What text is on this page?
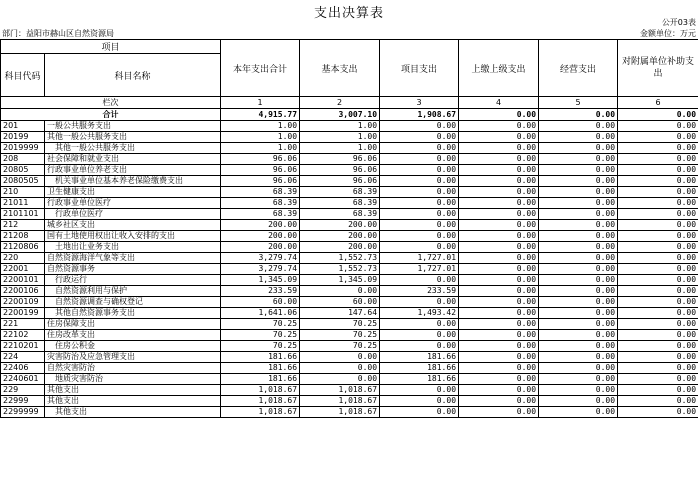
支出决算表
公开03表
部门：益阳市赫山区自然资源局	金额单位：万元
项目		本年支出合计	基本支出	项目支出	上缴上级支出	经营支出	对附属单位补助支出
科目代码	科目名称						
栏次		1	2	3	4	5	6
合计		4,915.77	3,007.10	1,908.67	0.00	0.00	0.00
201	一般公共服务支出	1.00	1.00	0.00	0.00	0.00	0.00
20199	其他一般公共服务支出	1.00	1.00	0.00	0.00	0.00	0.00
2019999	其他一般公共服务支出	1.00	1.00	0.00	0.00	0.00	0.00
208	社会保障和就业支出	96.06	96.06	0.00	0.00	0.00	0.00
20805	行政事业单位养老支出	96.06	96.06	0.00	0.00	0.00	0.00
2080505	机关事业单位基本养老保险缴费支出	96.06	96.06	0.00	0.00	0.00	0.00
210	卫生健康支出	68.39	68.39	0.00	0.00	0.00	0.00
21011	行政事业单位医疗	68.39	68.39	0.00	0.00	0.00	0.00
2101101	行政单位医疗	68.39	68.39	0.00	0.00	0.00	0.00
212	城乡社区支出	200.00	200.00	0.00	0.00	0.00	0.00
21208	国有土地使用权出让收入安排的支出	200.00	200.00	0.00	0.00	0.00	0.00
2120806	土地出让业务支出	200.00	200.00	0.00	0.00	0.00	0.00
220	自然资源海洋气象等支出	3,279.74	1,552.73	1,727.01	0.00	0.00	0.00
22001	自然资源事务	3,279.74	1,552.73	1,727.01	0.00	0.00	0.00
2200101	行政运行	1,345.09	1,345.09	0.00	0.00	0.00	0.00
2200106	自然资源利用与保护	233.59	0.00	233.59	0.00	0.00	0.00
2200109	自然资源调查与确权登记	60.00	60.00	0.00	0.00	0.00	0.00
2200199	其他自然资源事务支出	1,641.06	147.64	1,493.42	0.00	0.00	0.00
221	住房保障支出	70.25	70.25	0.00	0.00	0.00	0.00
22102	住房改革支出	70.25	70.25	0.00	0.00	0.00	0.00
2210201	住房公积金	70.25	70.25	0.00	0.00	0.00	0.00
224	灾害防治及应急管理支出	181.66	0.00	181.66	0.00	0.00	0.00
22406	自然灾害防治	181.66	0.00	181.66	0.00	0.00	0.00
2240601	地质灾害防治	181.66	0.00	181.66	0.00	0.00	0.00
229	其他支出	1,018.67	1,018.67	0.00	0.00	0.00	0.00
22999	其他支出	1,018.67	1,018.67	0.00	0.00	0.00	0.00
2299999	其他支出	1,018.67	1,018.67	0.00	0.00	0.00	0.00
